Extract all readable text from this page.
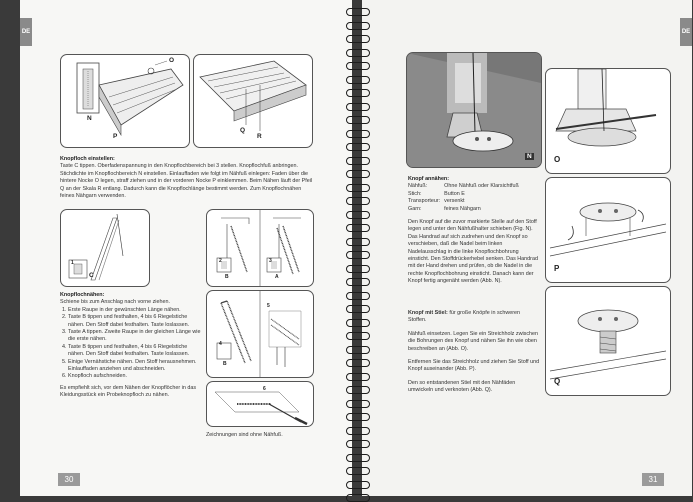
DE
N
P
O
Q
R
Knopfloch einstellen:
Taste C tippen. Oberfadenspannung in den Knopflochbereich bei 3 stellen. Knopflochfuß anbringen. Stichdichte im Knopflochbereich N einstellen. Einlauffaden wie folgt im Nähfuß einlegen: Faden über die hintere Nocke O legen, straff ziehen und in der vorderen Nocke P einklemmen. Beim Nähen läuft der Pfeil Q an der Skala R entlang. Dadurch kann die Knopflochlänge bestimmt werden. Zum Knopflochnähen feines Nähgarn verwenden.
1
C
2
B
3
A
Knopflochnähen:
Schiene bis zum Anschlag nach vorne ziehen.
1. Erste Raupe in der gewünschten Länge nähen.
2. Taste B tippen und festhalten, 4 bis 6 Riegelstiche nähen. Den Stoff dabei festhalten. Taste loslassen.
3. Taste A tippen. Zweite Raupe in der gleichen Länge wie die erste nähen.
4. Taste B tippen und festhalten, 4 bis 6 Riegelstiche nähen. Den Stoff dabei festhalten. Taste loslassen.
5. Einige Vernähstiche nähen. Den Stoff herausnehmen. Einlauffaden anziehen und abschneiden.
6. Knopfloch aufschneiden.
Es empfiehlt sich, vor dem Nähen der Knopflöcher in das Kleidungsstück ein Probeknopfloch zu nähen.
4
B
5
6
Zeichnungen sind ohne Nähfuß.
30
DE
N	O
P
Q
Knopf annähen:
Nähfuß:	Ohne Nähfuß oder Klarsichtfuß
Stich:	Button E
Transporteur:	versenkt
Garn:	feines Nähgarn
Den Knopf auf die zuvor markierte Stelle auf den Stoff legen und unter den Nähfußhalter schieben (Fig. N). Das Handrad auf sich zudrehen und den Knopf so verschieben, daß die Nadel beim linken Nadelausschlag in die linke Knopflochbohrung einsticht. Den Stoffdrückerhebel senken. Das Handrad mit der Hand drehen und prüfen, ob die Nadel in die rechte Knopflochbohrung einsticht. Danach kann der Knopf fertig angenäht werden (Abb. N).
Knopf mit Stiel: für große Knöpfe in schweren Stoffen.
Nähfuß einsetzen. Legen Sie ein Streichholz zwischen die Bohrungen des Knopf und nähen Sie ihn wie oben beschreiben an (Abb. O).
Entfernen Sie das Streichholz und ziehen Sie Stoff und Knopf auseinander (Abb. P).
Den so entstandenen Stiel mit den Nähfäden umwickeln und verknoten (Abb. Q).
31
